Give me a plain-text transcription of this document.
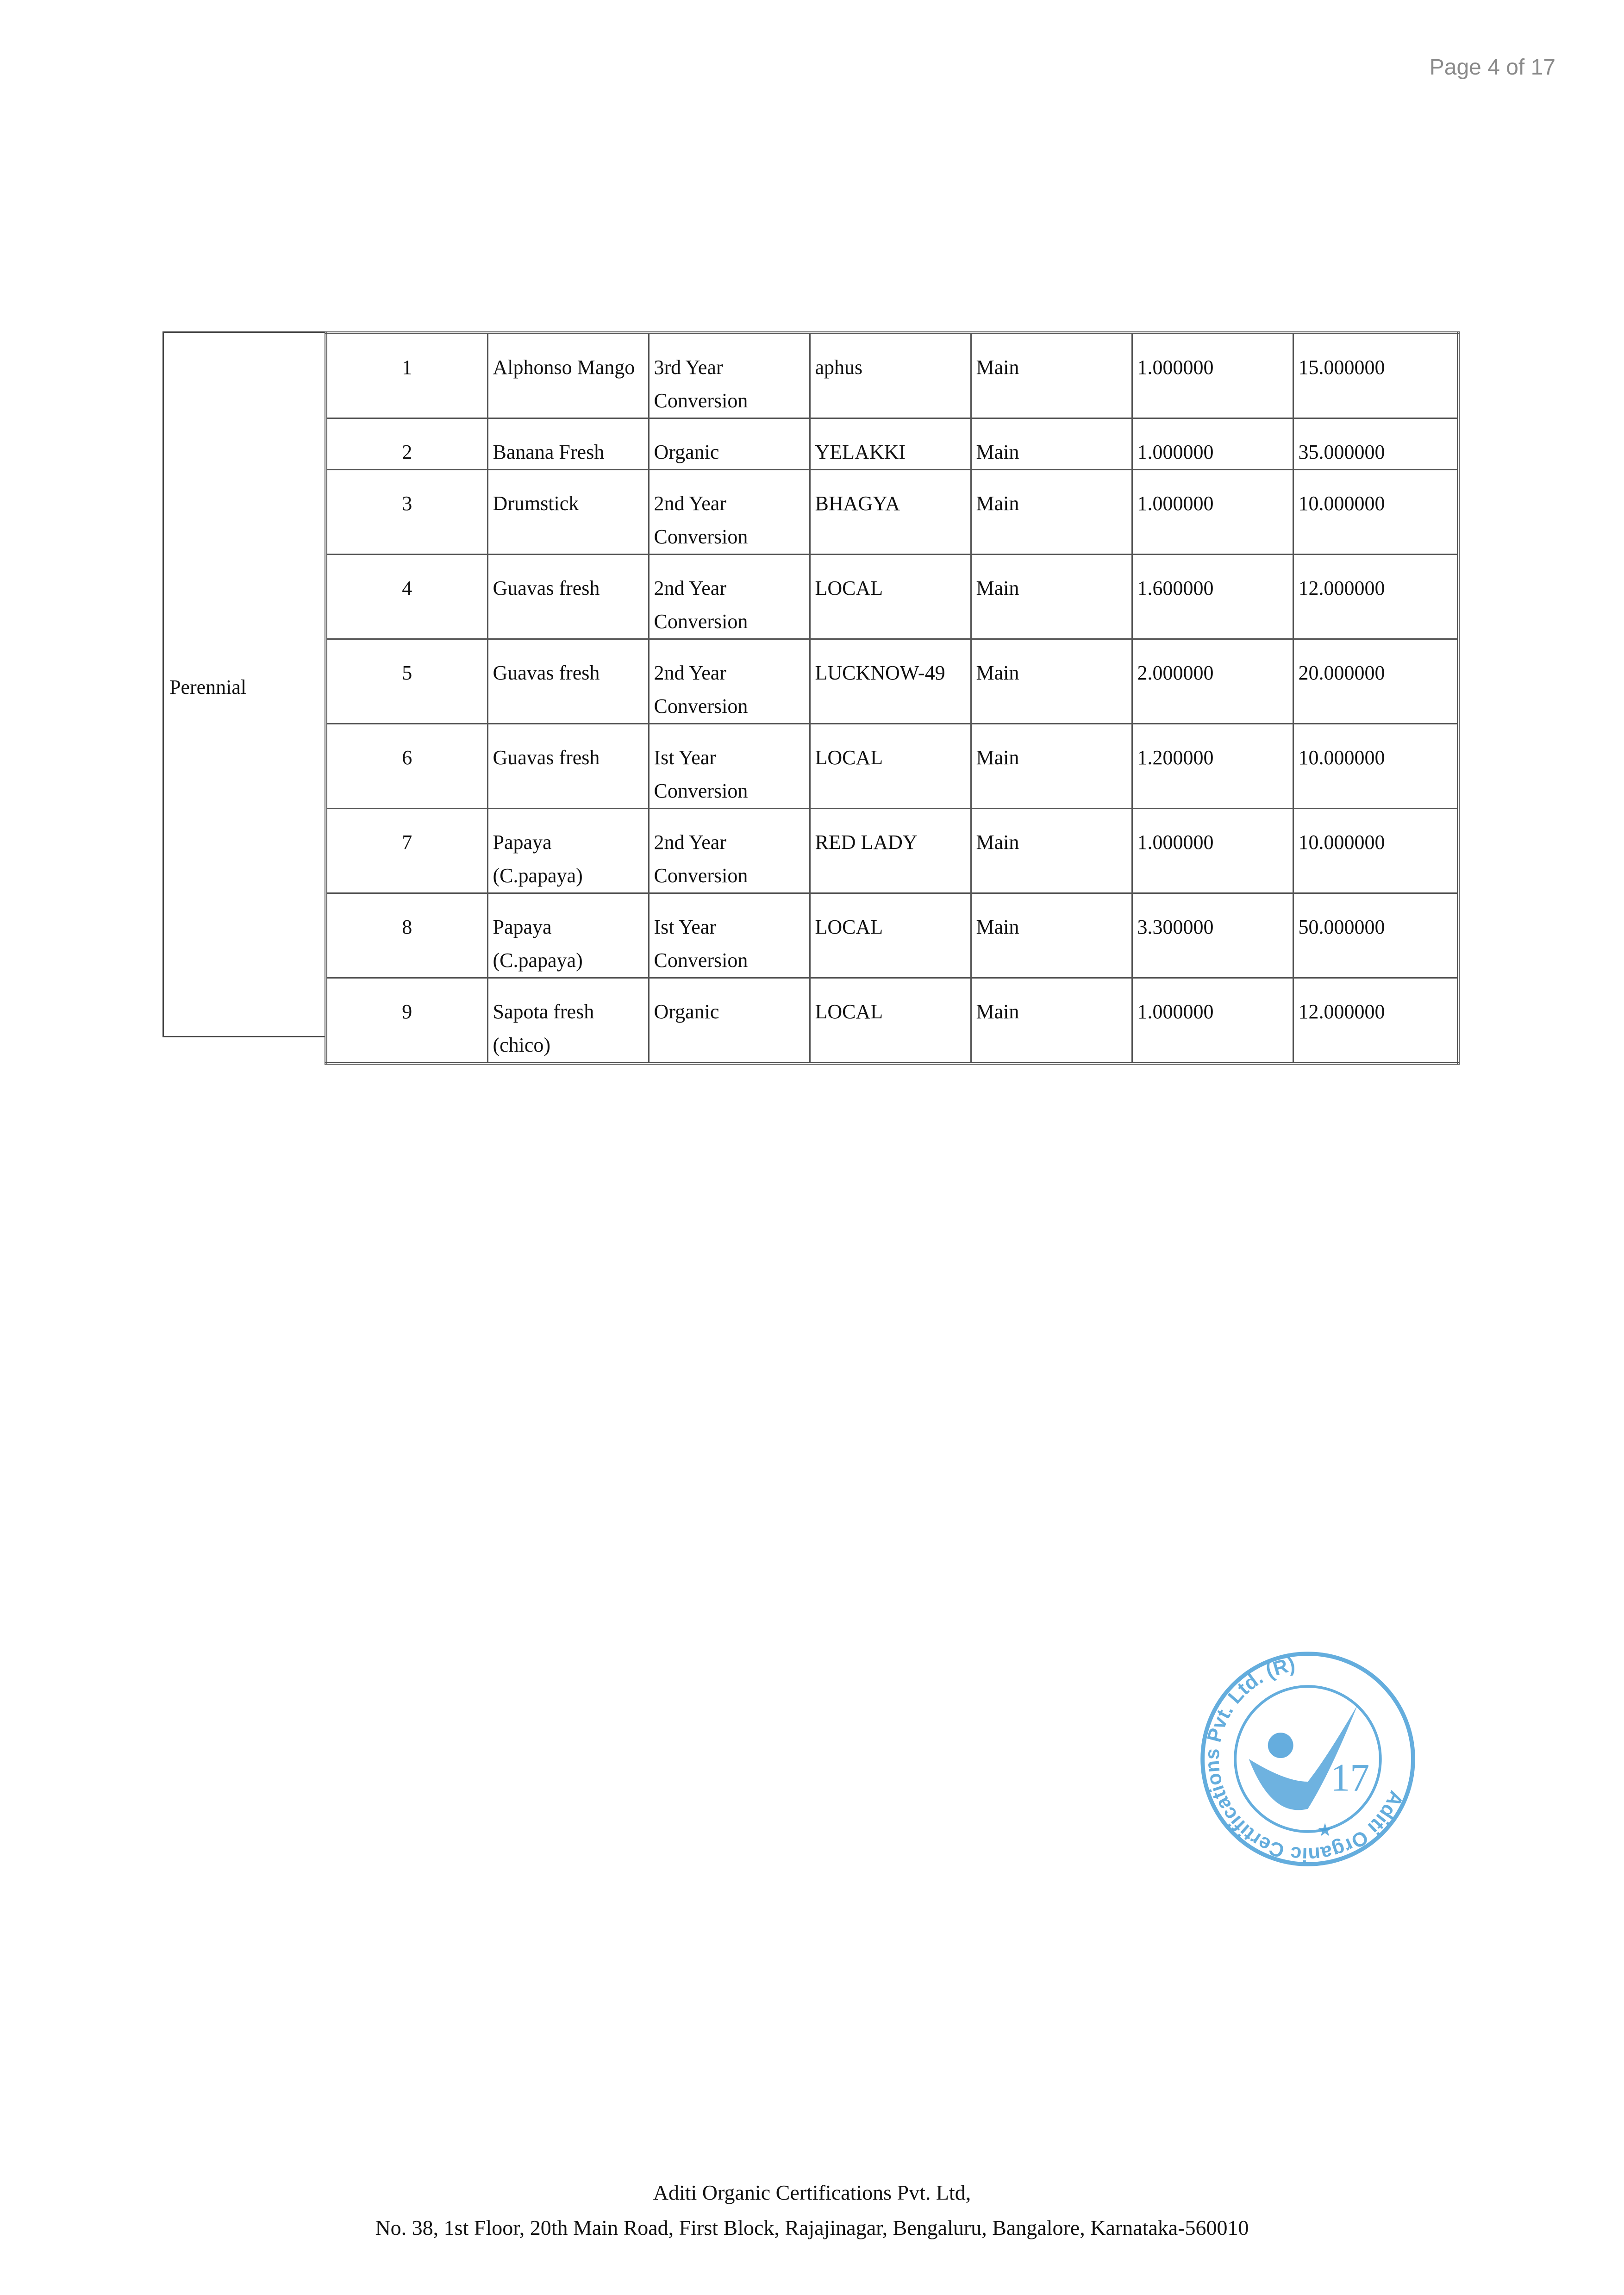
Page 4 of 17
Perennial
1	Alphonso Mango	3rd Year Conversion	aphus	Main	1.000000	15.000000
2	Banana Fresh	Organic	YELAKKI	Main	1.000000	35.000000
3	Drumstick	2nd Year Conversion	BHAGYA	Main	1.000000	10.000000
4	Guavas fresh	2nd Year Conversion	LOCAL	Main	1.600000	12.000000
5	Guavas fresh	2nd Year Conversion	LUCKNOW-49	Main	2.000000	20.000000
6	Guavas fresh	Ist Year Conversion	LOCAL	Main	1.200000	10.000000
7	Papaya (C.papaya)	2nd Year Conversion	RED LADY	Main	1.000000	10.000000
8	Papaya (C.papaya)	Ist Year Conversion	LOCAL	Main	3.300000	50.000000
9	Sapota fresh (chico)	Organic	LOCAL	Main	1.000000	12.000000
Aditi Organic Certifications Pvt. Ltd. (R)
17
★
Aditi Organic Certifications Pvt. Ltd,
No. 38, 1st Floor, 20th Main Road, First Block, Rajajinagar, Bengaluru, Bangalore, Karnataka-560010
